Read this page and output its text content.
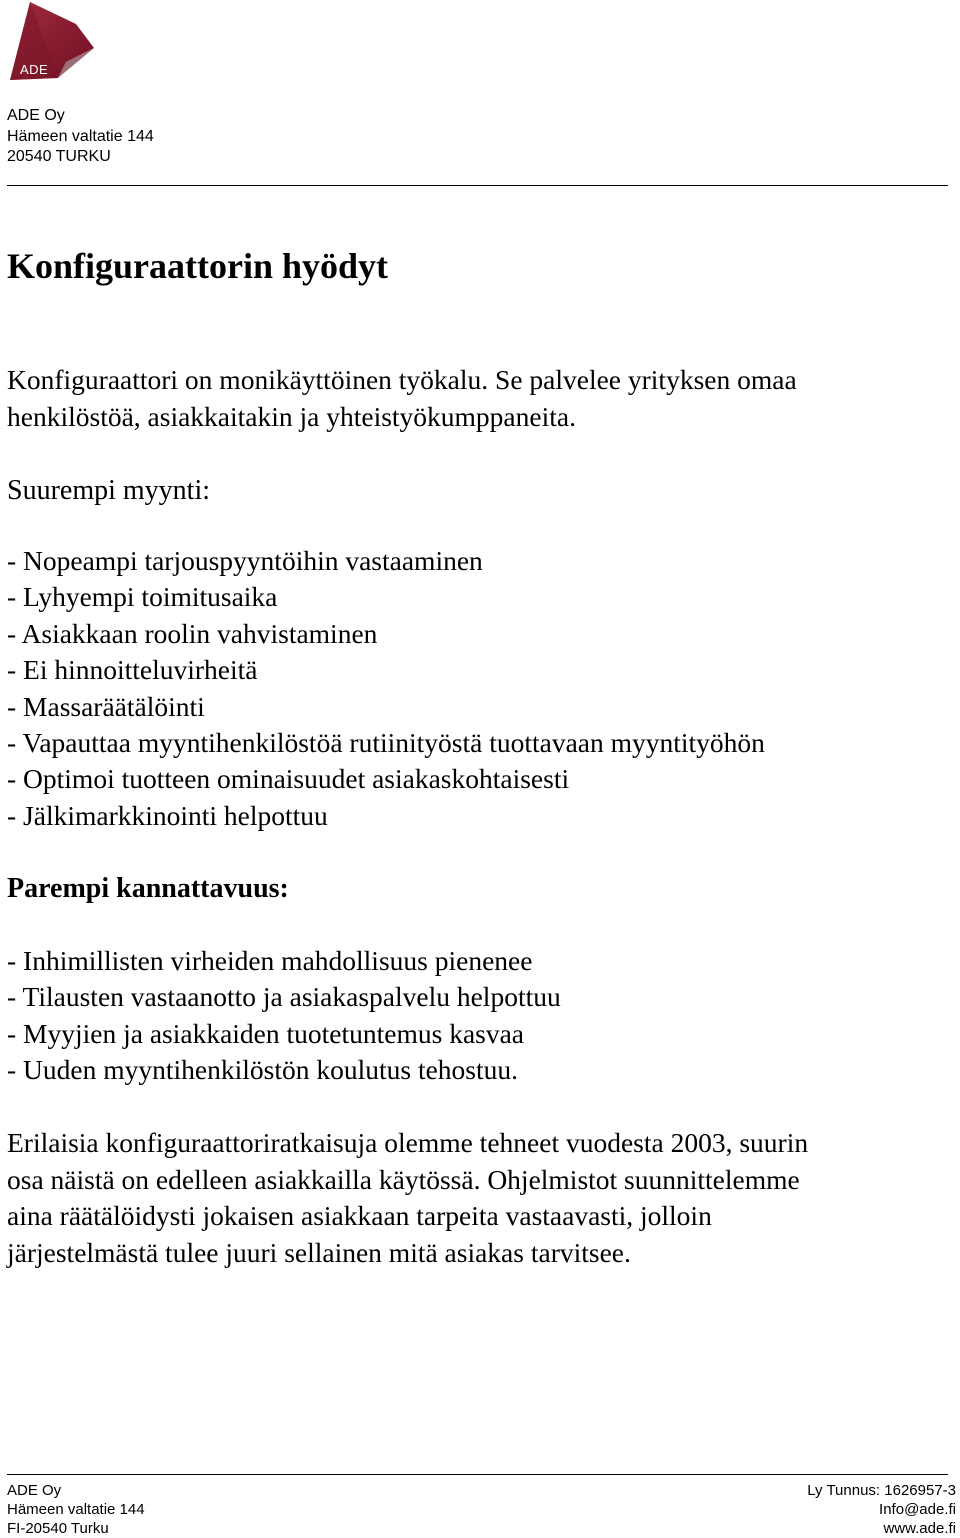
ADE
ADE Oy
Hämeen valtatie 144
20540 TURKU
Konfiguraattorin hyödyt

Konfiguraattori on monikäyttöinen työkalu. Se palvelee yrityksen omaa
henkilöstöä, asiakkaitakin ja yhteistyökumppaneita.

Suurempi myynti:
- Nopeampi tarjouspyyntöihin vastaaminen
- Lyhyempi toimitusaika
- Asiakkaan roolin vahvistaminen
- Ei hinnoitteluvirheitä
- Massaräätälöinti
- Vapauttaa myyntihenkilöstöä rutiinityöstä tuottavaan myyntityöhön
- Optimoi tuotteen ominaisuudet asiakaskohtaisesti
- Jälkimarkkinointi helpottuu
Parempi kannattavuus:
- Inhimillisten virheiden mahdollisuus pienenee
- Tilausten vastaanotto ja asiakaspalvelu helpottuu
- Myyjien ja asiakkaiden tuotetuntemus kasvaa
- Uuden myyntihenkilöstön koulutus tehostuu.

Erilaisia konfiguraattoriratkaisuja olemme tehneet vuodesta 2003, suurin
osa näistä on edelleen asiakkailla käytössä. Ohjelmistot suunnittelemme
aina räätälöidysti jokaisen asiakkaan tarpeita vastaavasti, jolloin
järjestelmästä tulee juuri sellainen mitä asiakas tarvitsee.

ADE Oy
Hämeen valtatie 144
FI-20540 Turku
Ly Tunnus: 1626957-3
Info@ade.fi
www.ade.fi
